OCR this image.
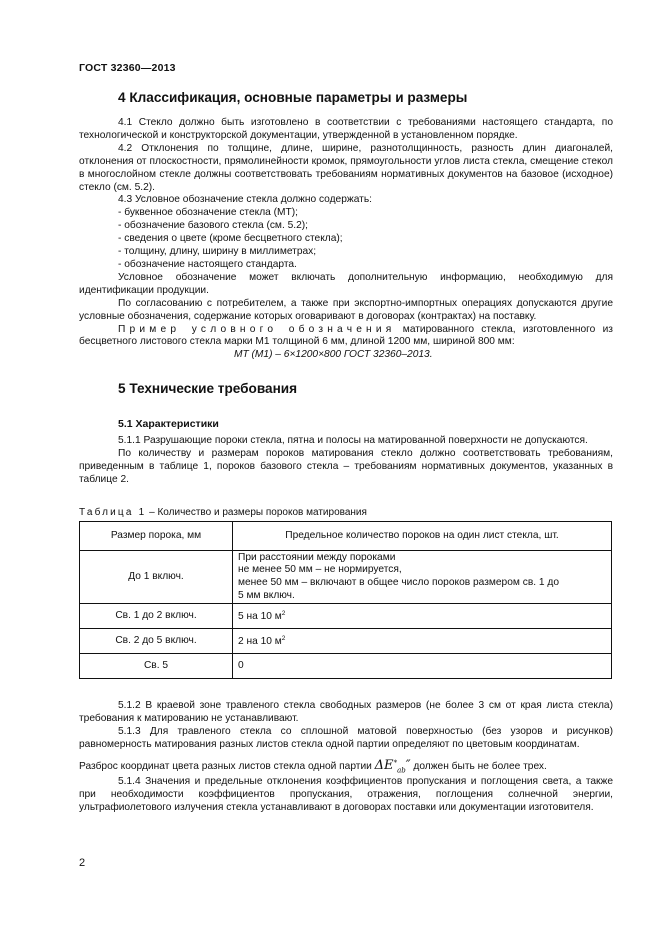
ГОСТ 32360—2013
4 Классификация, основные параметры и размеры

4.1 Стекло должно быть изготовлено в соответствии с требованиями настоящего стандарта, по технологической и конструкторской документации, утвержденной в установленном порядке.

4.2 Отклонения по толщине, длине, ширине, разнотолщинность, разность длин диагоналей, отклонения от плоскостности, прямолинейности кромок, прямоугольности углов листа стекла, смещение стекол в многослойном стекле должны соответствовать требованиям нормативных документов на базовое (исходное) стекло (см. 5.2).

4.3 Условное обозначение стекла должно содержать:

- буквенное обозначение стекла (МТ);
- обозначение базового стекла (см. 5.2);
- сведения о цвете (кроме бесцветного стекла);
- толщину, длину, ширину в миллиметрах;
- обозначение настоящего стандарта.

Условное обозначение может включать дополнительную информацию, необходимую для идентификации продукции.

По согласованию с потребителем, а также при экспортно-импортных операциях допускаются другие условные обозначения, содержание которых оговаривают в договорах (контрактах) на поставку.

Пример условного обозначения матированного стекла, изготовленного из бесцветного листового стекла марки М1 толщиной 6 мм, длиной 1200 мм, шириной 800 мм:

МТ (М1) – 6×1200×800 ГОСТ 32360–2013.

5 Технические требования
5.1 Характеристики

5.1.1 Разрушающие пороки стекла, пятна и полосы на матированной поверхности не допускаются.

По количеству и размерам пороков матирования стекло должно соответствовать требованиям, приведенным в таблице 1, пороков базового стекла – требованиям нормативных документов, указанных в таблице 2.

Таблица 1 – Количество и размеры пороков матирования
Размер порока, мм	Предельное количество пороков на один лист стекла, шт.
До 1 включ.	При расстоянии между пороками
не менее 50 мм – не нормируется,
менее 50 мм – включают в общее число пороков размером св. 1 до
5 мм включ.

Св. 1 до 2 включ.	5 на 10 $м^2$
Св. 2 до 5 включ.	2 на 10 $м^2$
Св. 5	0

5.1.2 В краевой зоне травленого стекла свободных размеров (не более 3 см от края листа стекла) требования к матированию не устанавливают.

5.1.3 Для травленого стекла со сплошной матовой поверхностью (без узоров и рисунков) равномерность матирования разных листов стекла одной партии определяют по цветовым координатам.

Разброс координат цвета разных листов стекла одной партии $\Delta E^*_{ab}''$ должен быть не более трех.

5.1.4 Значения и предельные отклонения коэффициентов пропускания и поглощения света, а также при необходимости коэффициентов пропускания, отражения, поглощения солнечной энергии, ультрафиолетового излучения стекла устанавливают в договорах поставки или документации изготовителя.

2
